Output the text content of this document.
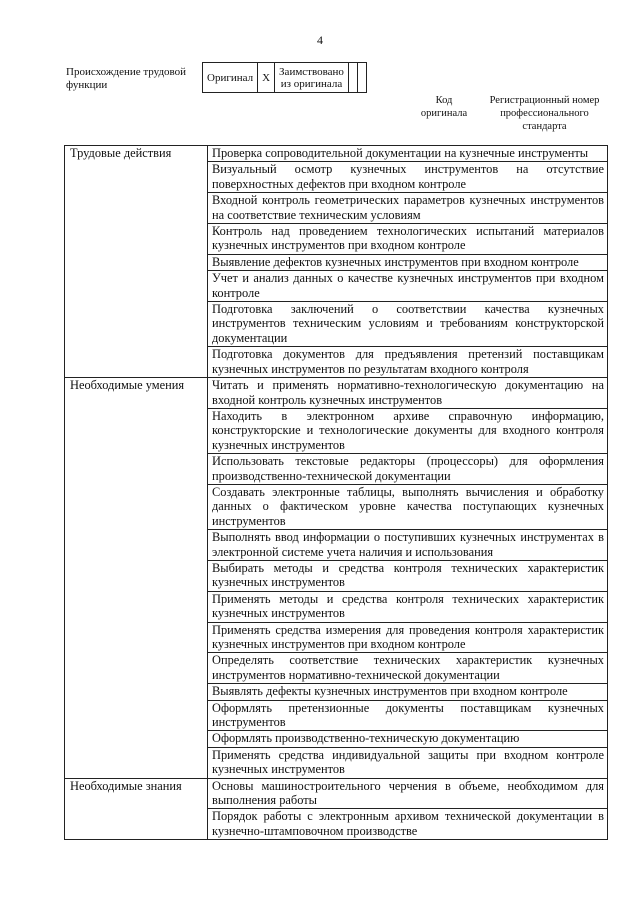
4
Происхождение трудовой функции
Оригинал	X	Заимствовано из оригинала		
Код оригинала
Регистрационный номер профессионального стандарта
Трудовые действия	Проверка сопроводительной документации на кузнечные инструменты
	Визуальный осмотр кузнечных инструментов на отсутствие поверхностных дефектов при входном контроле
	Входной контроль геометрических параметров кузнечных инструментов на соответствие техническим условиям
	Контроль над проведением технологических испытаний материалов кузнечных инструментов при входном контроле
	Выявление дефектов кузнечных инструментов при входном контроле
	Учет и анализ данных о качестве кузнечных инструментов при входном контроле
	Подготовка заключений о соответствии качества кузнечных инструментов техническим условиям и требованиям конструкторской документации
	Подготовка документов для предъявления претензий поставщикам кузнечных инструментов по результатам входного контроля
Необходимые умения	Читать и применять нормативно-технологическую документацию на входной контроль кузнечных инструментов
	Находить в электронном архиве справочную информацию, конструкторские и технологические документы для входного контроля кузнечных инструментов
	Использовать текстовые редакторы (процессоры) для оформления производственно-технической документации
	Создавать электронные таблицы, выполнять вычисления и обработку данных о фактическом уровне качества поступающих кузнечных инструментов
	Выполнять ввод информации о поступивших кузнечных инструментах в электронной системе учета наличия и использования
	Выбирать методы и средства контроля технических характеристик кузнечных инструментов
	Применять методы и средства контроля технических характеристик кузнечных инструментов
	Применять средства измерения для проведения контроля характеристик кузнечных инструментов при входном контроле
	Определять соответствие технических характеристик кузнечных инструментов нормативно-технической документации
	Выявлять дефекты кузнечных инструментов при входном контроле
	Оформлять претензионные документы поставщикам кузнечных инструментов
	Оформлять производственно-техническую документацию
	Применять средства индивидуальной защиты при входном контроле кузнечных инструментов
Необходимые знания	Основы машиностроительного черчения в объеме, необходимом для выполнения работы
	Порядок работы с электронным архивом технической документации в кузнечно-штамповочном производстве
